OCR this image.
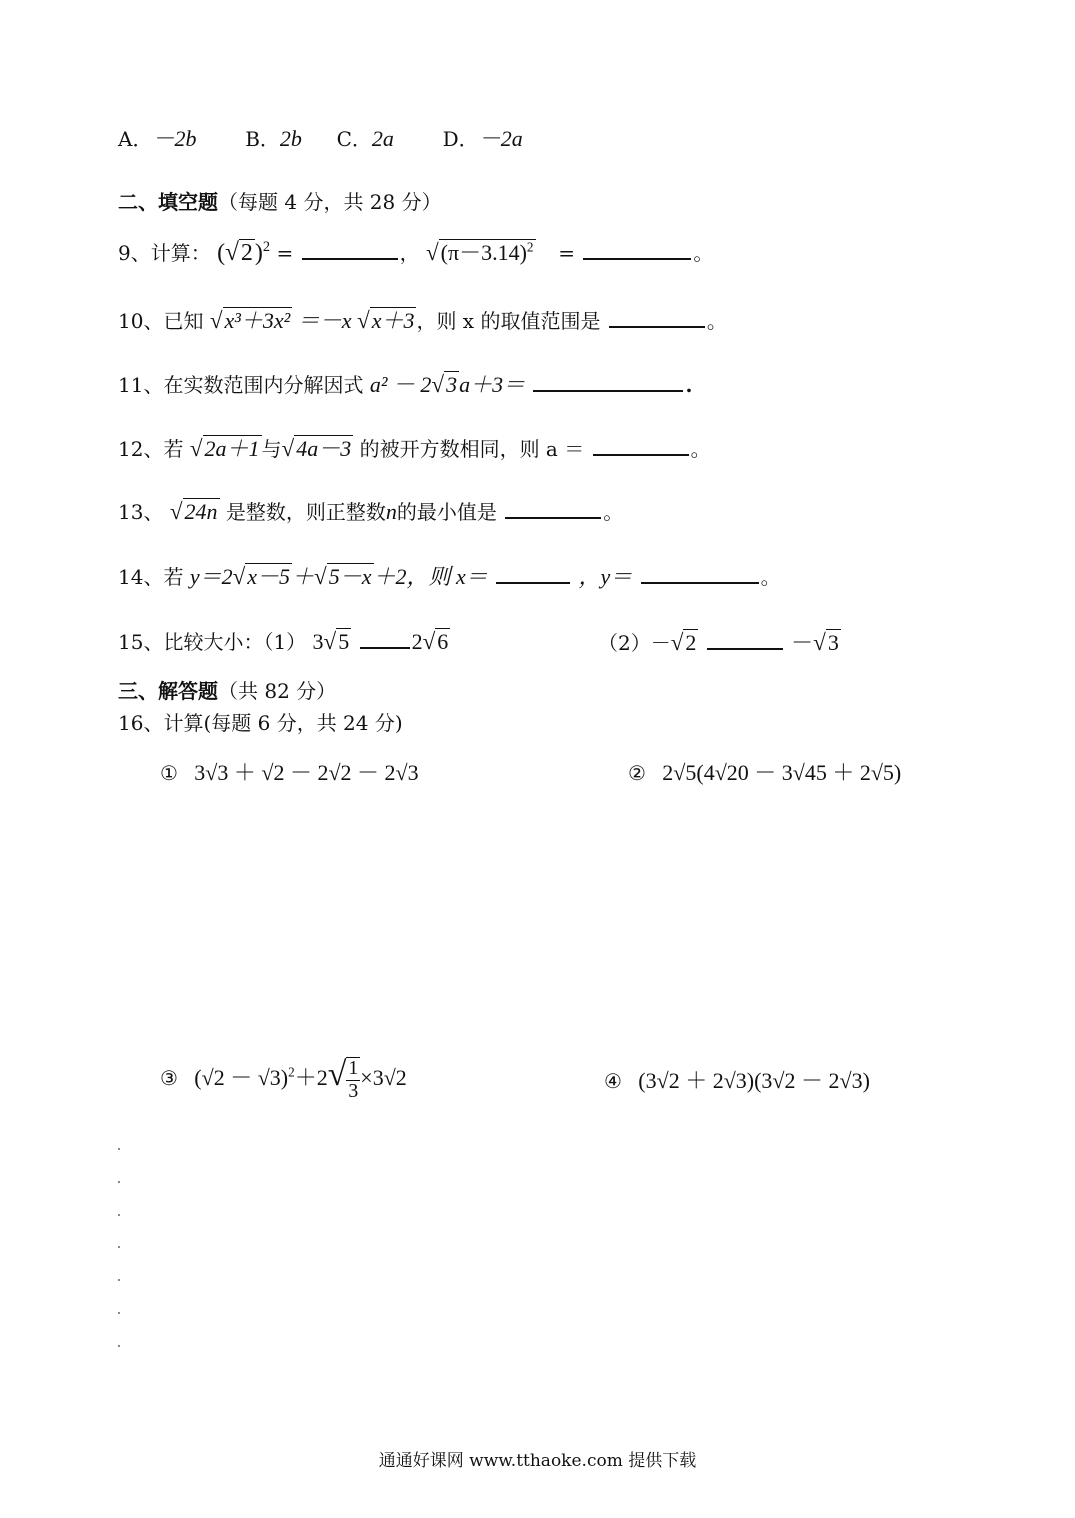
A．－2b B．2b C．2a D．－2a
二、填空题（每题 4 分，共 28 分）
9、计算： $(√2)^2$ =	， $√(\pi-3.14)^2$ =	。
10、已知 √x³＋3x² ＝－x √x＋3 ，则 x 的取值范围是	。
11、在实数范围内分解因式 a² － 2√3a＋3＝	.
12、若 √2a＋1 与√4a－3 的被开方数相同，则 a ＝	。
13、 √24n 是整数，则正整数n的最小值是	。
14、若 y＝2√x－5＋√5－x＋2，则 x＝	，y＝	。
15、比较大小：（1） 3√5	2√6	（2）－√2	－√3
三、解答题（共 82 分）
16、计算(每题 6 分，共 24 分)
① 3√3 ＋ √2 － 2√2 － 2√3	② 2√5(4√20 － 3√45 ＋ 2√5)
③ $(√2 - √3)^2+2√ \frac{1}{3} \times 3√2$	④ (3√2 ＋ 2√3)(3√2 － 2√3)
通通好课网 www.tthaoke.com 提供下载
